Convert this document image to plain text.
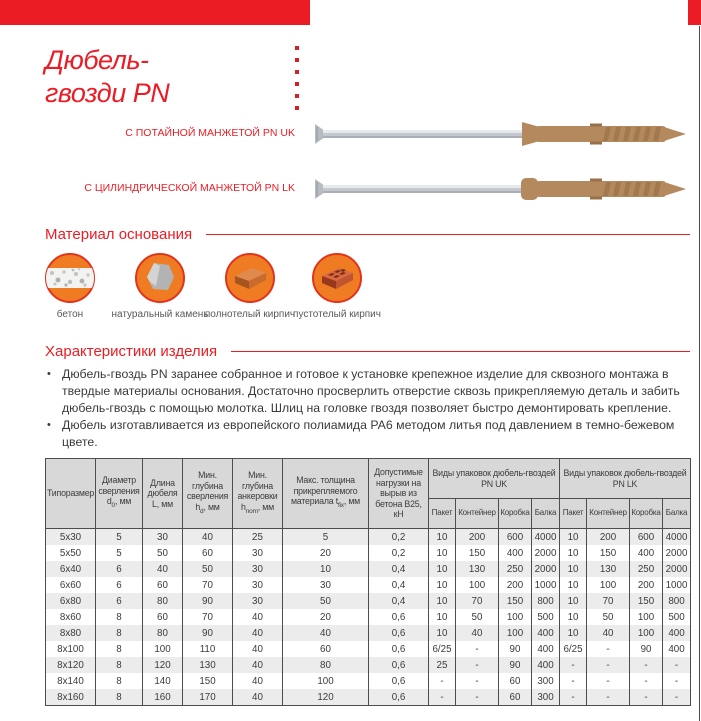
Дюбель-
гвозди PN
С ПОТАЙНОЙ МАНЖЕТОЙ PN UK
С ЦИЛИНДРИЧЕСКОЙ МАНЖЕТОЙ PN LK
Материал основания
бетон	натуральный камень
полнотелый кирпич
пустотелый кирпич
Характеристики изделия
• Дюбель-гвоздь PN заранее собранное и готовое к установке крепежное изделие для сквозного монтажа в твердые материалы основания. Достаточно просверлить отверстие сквозь прикрепляемую деталь и забить дюбель-гвоздь с помощью молотка. Шлиц на головке гвоздя позволяет быстро демонтировать крепление.
• Дюбель изготавливается из европейского полиамида PA6 методом литья под давлением в темно-бежевом цвете.
Типоразмер	Диаметр сверления $d_0$, мм	Длина дюбеля L, мм	Мин. глубина сверления $h_d$, мм	Мин. глубина анкеровки $h_{nom}$, мм	Макс. толщина прикрепляемого материала $t_{fix}$, мм	Допустимые нагрузки на вырыв из бетона B25, кН	Виды упаковок дюбель-гвоздей PN UK				Виды упаковок дюбель-гвоздей PN LK			
							Пакет	Контейнер	Коробка	Балка	Пакет	Контейнер	Коробка	Балка
5x30	5	30	40	25	5	0,2	10	200	600	4000	10	200	600	4000
5x50	5	50	60	30	20	0,2	10	150	400	2000	10	150	400	2000
6x40	6	40	50	30	10	0,4	10	130	250	2000	10	130	250	2000
6x60	6	60	70	30	30	0,4	10	100	200	1000	10	100	200	1000
6x80	6	80	90	30	50	0,4	10	70	150	800	10	70	150	800
8x60	8	60	70	40	20	0,6	10	50	100	500	10	50	100	500
8x80	8	80	90	40	40	0,6	10	40	100	400	10	40	100	400
8x100	8	100	110	40	60	0,6	6/25	-	90	400	6/25	-	90	400
8x120	8	120	130	40	80	0,6	25	-	90	400	-	-	-	-
8x140	8	140	150	40	100	0,6	-	-	60	300	-	-	-	-
8x160	8	160	170	40	120	0,6	-	-	60	300	-	-	-	-
